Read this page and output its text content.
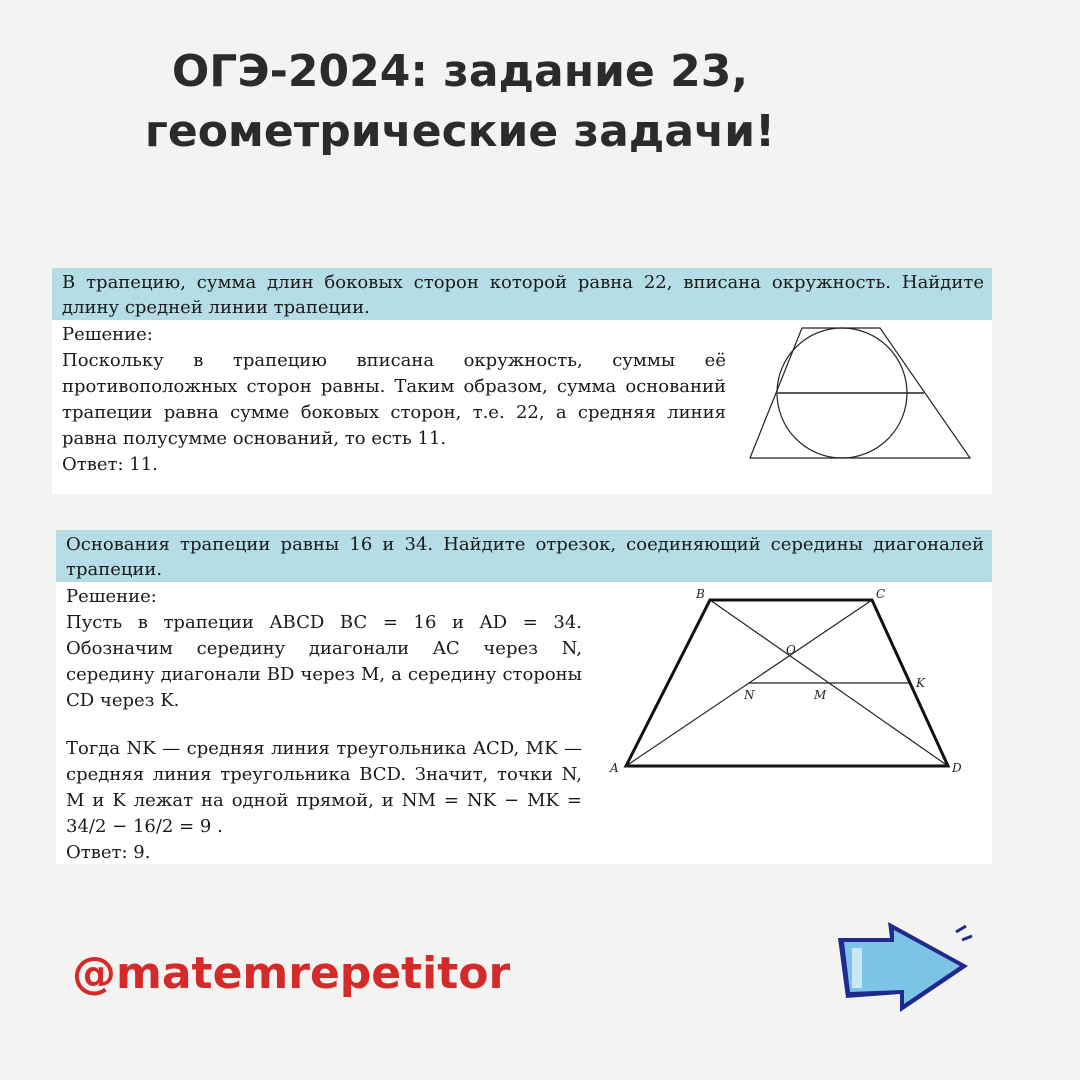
ОГЭ-2024: задание 23,
геометрические задачи!
В трапецию, сумма длин боковых сторон которой равна 22, вписана окружность. Найдите длину средней линии трапеции.

Решение:

Поскольку в трапецию вписана окружность, суммы её противоположных сторон равны. Таким образом, сумма оснований трапеции равна сумме боковых сторон, т.е. 22, а средняя линия равна полусумме оснований, то есть 11.

Ответ: 11.

Основания трапеции равны 16 и 34. Найдите отрезок, соединяющий середины диагоналей трапеции.

Решение:

Пусть в трапеции ABCD BC = 16 и AD = 34. Обозначим середину диагонали AC через N, середину диагонали BD через M, а середину стороны CD через K.

Тогда NK — средняя линия треугольника ACD, MK — средняя линия треугольника BCD. Значит, точки N, M и K лежат на одной прямой, и NM = NK − MK = 34/2 − 16/2 = 9 .

Ответ: 9.

B	C
A	D
O
N	M
K
@matemrepetitor
